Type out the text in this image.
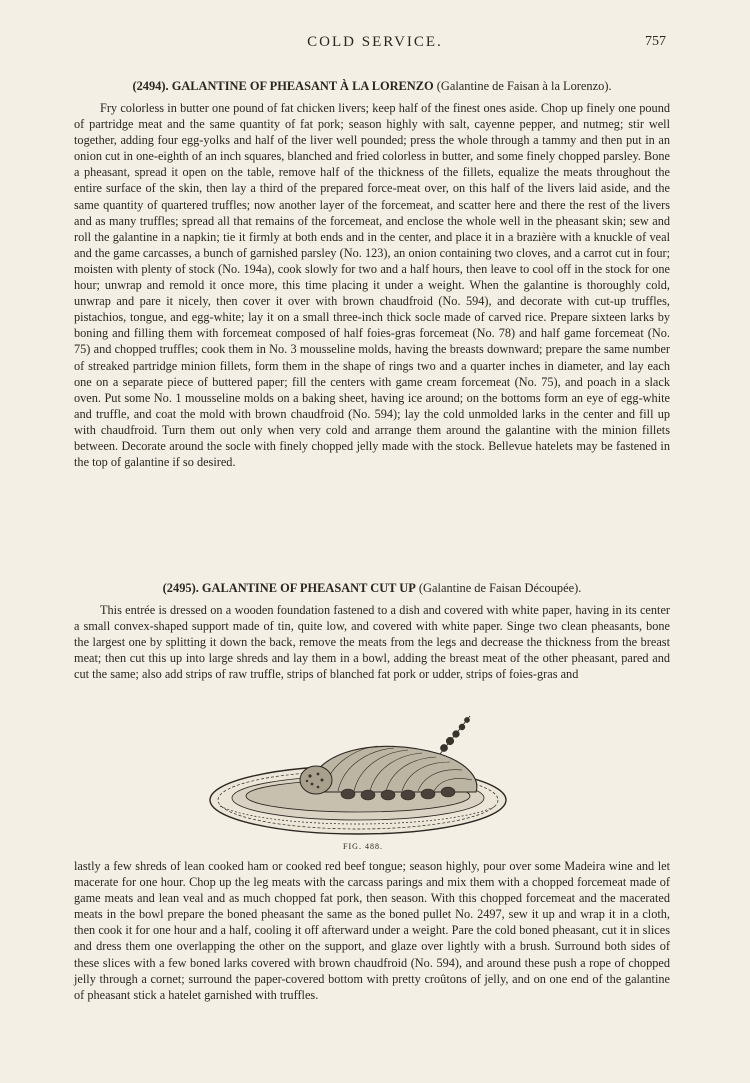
COLD SERVICE.	757
(2494). GALANTINE OF PHEASANT À LA LORENZO (Galantine de Faisan à la Lorenzo).

Fry colorless in butter one pound of fat chicken livers; keep half of the finest ones aside. Chop up finely one pound of partridge meat and the same quantity of fat pork; season highly with salt, cayenne pepper, and nutmeg; stir well together, adding four egg-yolks and half of the liver well pounded; press the whole through a tammy and then put in an onion cut in one-eighth of an inch squares, blanched and fried colorless in butter, and some finely chopped parsley. Bone a pheasant, spread it open on the table, remove half of the thickness of the fillets, equalize the meats throughout the entire surface of the skin, then lay a third of the prepared force-meat over, on this half of the livers laid aside, and the same quantity of quartered truffles; now another layer of the forcemeat, and scatter here and there the rest of the livers and as many truffles; spread all that remains of the forcemeat, and enclose the whole well in the pheasant skin; sew and roll the galantine in a napkin; tie it firmly at both ends and in the center, and place it in a brazière with a knuckle of veal and the game carcasses, a bunch of garnished parsley (No. 123), an onion containing two cloves, and a carrot cut in four; moisten with plenty of stock (No. 194a), cook slowly for two and a half hours, then leave to cool off in the stock for one hour; unwrap and remold it once more, this time placing it under a weight. When the galantine is thoroughly cold, unwrap and pare it nicely, then cover it over with brown chaudfroid (No. 594), and decorate with cut-up truffles, pistachios, tongue, and egg-white; lay it on a small three-inch thick socle made of carved rice. Prepare sixteen larks by boning and filling them with forcemeat composed of half foies-gras forcemeat (No. 78) and half game forcemeat (No. 75) and chopped truffles; cook them in No. 3 mousseline molds, having the breasts downward; prepare the same number of streaked partridge minion fillets, form them in the shape of rings two and a quarter inches in diameter, and lay each one on a separate piece of buttered paper; fill the centers with game cream forcemeat (No. 75), and poach in a slack oven. Put some No. 1 mousseline molds on a baking sheet, having ice around; on the bottoms form an eye of egg-white and truffle, and coat the mold with brown chaudfroid (No. 594); lay the cold unmolded larks in the center and fill up with chaudfroid. Turn them out only when very cold and arrange them around the galantine with the minion fillets between. Decorate around the socle with finely chopped jelly made with the stock. Bellevue hatelets may be fastened in the top of galantine if so desired.

(2495). GALANTINE OF PHEASANT CUT UP (Galantine de Faisan Découpée).

This entrée is dressed on a wooden foundation fastened to a dish and covered with white paper, having in its center a small convex-shaped support made of tin, quite low, and covered with white paper. Singe two clean pheasants, bone the largest one by splitting it down the back, remove the meats from the legs and decrease the thickness from the breast meat; then cut this up into large shreds and lay them in a bowl, adding the breast meat of the other pheasant, pared and cut the same; also add strips of raw truffle, strips of blanched fat pork or udder, strips of foies-gras and

FIG. 488.

lastly a few shreds of lean cooked ham or cooked red beef tongue; season highly, pour over some Madeira wine and let macerate for one hour. Chop up the leg meats with the carcass parings and mix them with a chopped forcemeat made of game meats and lean veal and as much chopped fat pork, then season. With this chopped forcemeat and the macerated meats in the bowl prepare the boned pheasant the same as the boned pullet No. 2497, sew it up and wrap it in a cloth, then cook it for one hour and a half, cooling it off afterward under a weight. Pare the cold boned pheasant, cut it in slices and dress them one overlapping the other on the support, and glaze over lightly with a brush. Surround both sides of these slices with a few boned larks covered with brown chaudfroid (No. 594), and around these push a rope of chopped jelly through a cornet; surround the paper-covered bottom with pretty croûtons of jelly, and on one end of the galantine of pheasant stick a hatelet garnished with truffles.
